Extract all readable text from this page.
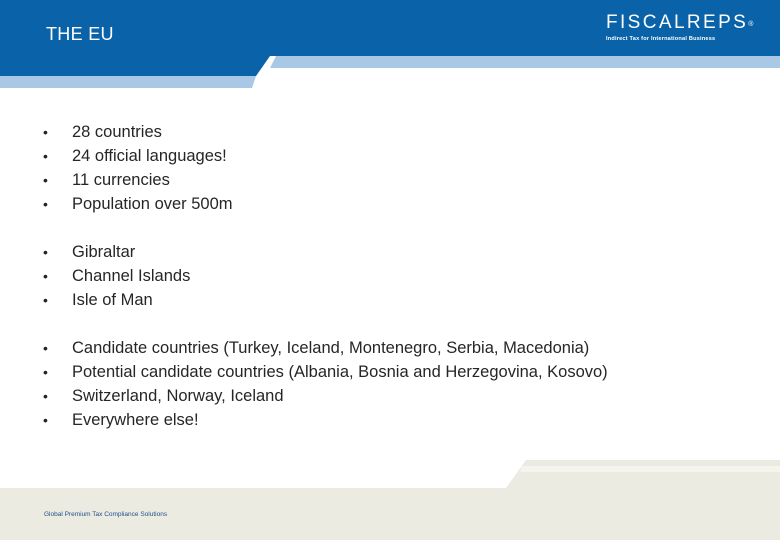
THE EU
FISCALREPS®
Indirect Tax for International Business
• 28 countries
• 24 official languages!
• 11 currencies
• Population over 500m
• Gibraltar
• Channel Islands
• Isle of Man
• Candidate countries (Turkey, Iceland, Montenegro, Serbia, Macedonia)
• Potential candidate countries (Albania, Bosnia and Herzegovina, Kosovo)
• Switzerland, Norway, Iceland
• Everywhere else!
Global Premium Tax Compliance Solutions
